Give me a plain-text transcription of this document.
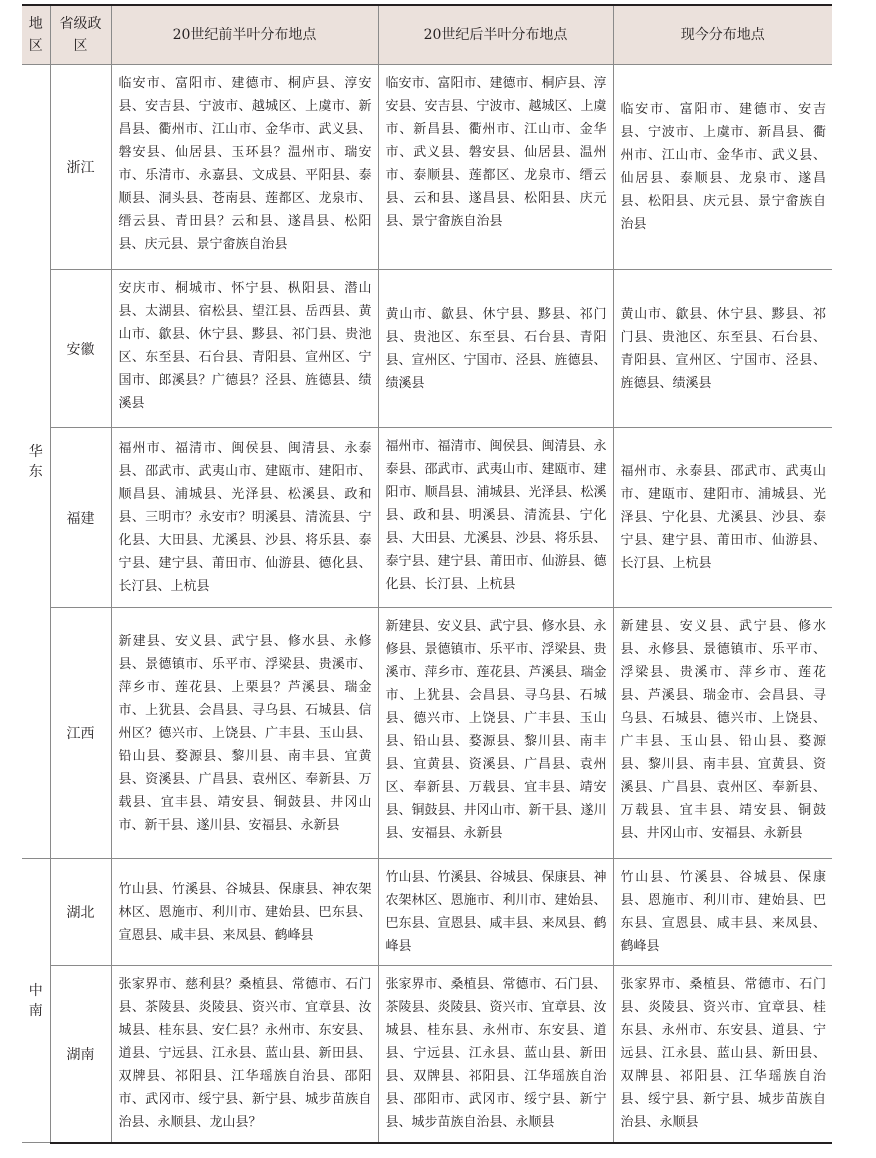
地区	省级政区	20世纪前半叶分布地点	20世纪后半叶分布地点	现今分布地点

华东	浙江	临安市、富阳市、建德市、桐庐县、淳安县、安吉县、宁波市、越城区、上虞市、新昌县、衢州市、江山市、金华市、武义县、磐安县、仙居县、玉环县？温州市、瑞安市、乐清市、永嘉县、文成县、平阳县、泰顺县、洞头县、苍南县、莲都区、龙泉市、缙云县、青田县？云和县、遂昌县、松阳县、庆元县、景宁畲族自治县	临安市、富阳市、建德市、桐庐县、淳安县、安吉县、宁波市、越城区、上虞市、新昌县、衢州市、江山市、金华市、武义县、磐安县、仙居县、温州市、泰顺县、莲都区、龙泉市、缙云县、云和县、遂昌县、松阳县、庆元县、景宁畲族自治县	临安市、富阳市、建德市、安吉县、宁波市、上虞市、新昌县、衢州市、江山市、金华市、武义县、仙居县、泰顺县、龙泉市、遂昌县、松阳县、庆元县、景宁畲族自治县
	安徽	安庆市、桐城市、怀宁县、枞阳县、潜山县、太湖县、宿松县、望江县、岳西县、黄山市、歙县、休宁县、黟县、祁门县、贵池区、东至县、石台县、青阳县、宣州区、宁国市、郎溪县？广德县？泾县、旌德县、绩溪县	黄山市、歙县、休宁县、黟县、祁门县、贵池区、东至县、石台县、青阳县、宣州区、宁国市、泾县、旌德县、绩溪县	黄山市、歙县、休宁县、黟县、祁门县、贵池区、东至县、石台县、青阳县、宣州区、宁国市、泾县、旌德县、绩溪县
	福建	福州市、福清市、闽侯县、闽清县、永泰县、邵武市、武夷山市、建瓯市、建阳市、顺昌县、浦城县、光泽县、松溪县、政和县、三明市？永安市？明溪县、清流县、宁化县、大田县、尤溪县、沙县、将乐县、泰宁县、建宁县、莆田市、仙游县、德化县、长汀县、上杭县	福州市、福清市、闽侯县、闽清县、永泰县、邵武市、武夷山市、建瓯市、建阳市、顺昌县、浦城县、光泽县、松溪县、政和县、明溪县、清流县、宁化县、大田县、尤溪县、沙县、将乐县、泰宁县、建宁县、莆田市、仙游县、德化县、长汀县、上杭县	福州市、永泰县、邵武市、武夷山市、建瓯市、建阳市、浦城县、光泽县、宁化县、尤溪县、沙县、泰宁县、建宁县、莆田市、仙游县、长汀县、上杭县
	江西	新建县、安义县、武宁县、修水县、永修县、景德镇市、乐平市、浮梁县、贵溪市、萍乡市、莲花县、上栗县？芦溪县、瑞金市、上犹县、会昌县、寻乌县、石城县、信州区？德兴市、上饶县、广丰县、玉山县、铅山县、婺源县、黎川县、南丰县、宜黄县、资溪县、广昌县、袁州区、奉新县、万载县、宜丰县、靖安县、铜鼓县、井冈山市、新干县、遂川县、安福县、永新县	新建县、安义县、武宁县、修水县、永修县、景德镇市、乐平市、浮梁县、贵溪市、萍乡市、莲花县、芦溪县、瑞金市、上犹县、会昌县、寻乌县、石城县、德兴市、上饶县、广丰县、玉山县、铅山县、婺源县、黎川县、南丰县、宜黄县、资溪县、广昌县、袁州区、奉新县、万载县、宜丰县、靖安县、铜鼓县、井冈山市、新干县、遂川县、安福县、永新县	新建县、安义县、武宁县、修水县、永修县、景德镇市、乐平市、浮梁县、贵溪市、萍乡市、莲花县、芦溪县、瑞金市、会昌县、寻乌县、石城县、德兴市、上饶县、广丰县、玉山县、铅山县、婺源县、黎川县、南丰县、宜黄县、资溪县、广昌县、袁州区、奉新县、万载县、宜丰县、靖安县、铜鼓县、井冈山市、安福县、永新县

中南	湖北	竹山县、竹溪县、谷城县、保康县、神农架林区、恩施市、利川市、建始县、巴东县、宣恩县、咸丰县、来凤县、鹤峰县	竹山县、竹溪县、谷城县、保康县、神农架林区、恩施市、利川市、建始县、巴东县、宣恩县、咸丰县、来凤县、鹤峰县	竹山县、竹溪县、谷城县、保康县、恩施市、利川市、建始县、巴东县、宣恩县、咸丰县、来凤县、鹤峰县
	湖南	张家界市、慈利县？桑植县、常德市、石门县、茶陵县、炎陵县、资兴市、宜章县、汝城县、桂东县、安仁县？永州市、东安县、道县、宁远县、江永县、蓝山县、新田县、双牌县、祁阳县、江华瑶族自治县、邵阳市、武冈市、绥宁县、新宁县、城步苗族自治县、永顺县、龙山县？	张家界市、桑植县、常德市、石门县、茶陵县、炎陵县、资兴市、宜章县、汝城县、桂东县、永州市、东安县、道县、宁远县、江永县、蓝山县、新田县、双牌县、祁阳县、江华瑶族自治县、邵阳市、武冈市、绥宁县、新宁县、城步苗族自治县、永顺县	张家界市、桑植县、常德市、石门县、炎陵县、资兴市、宜章县、桂东县、永州市、东安县、道县、宁远县、江永县、蓝山县、新田县、双牌县、祁阳县、江华瑶族自治县、绥宁县、新宁县、城步苗族自治县、永顺县
